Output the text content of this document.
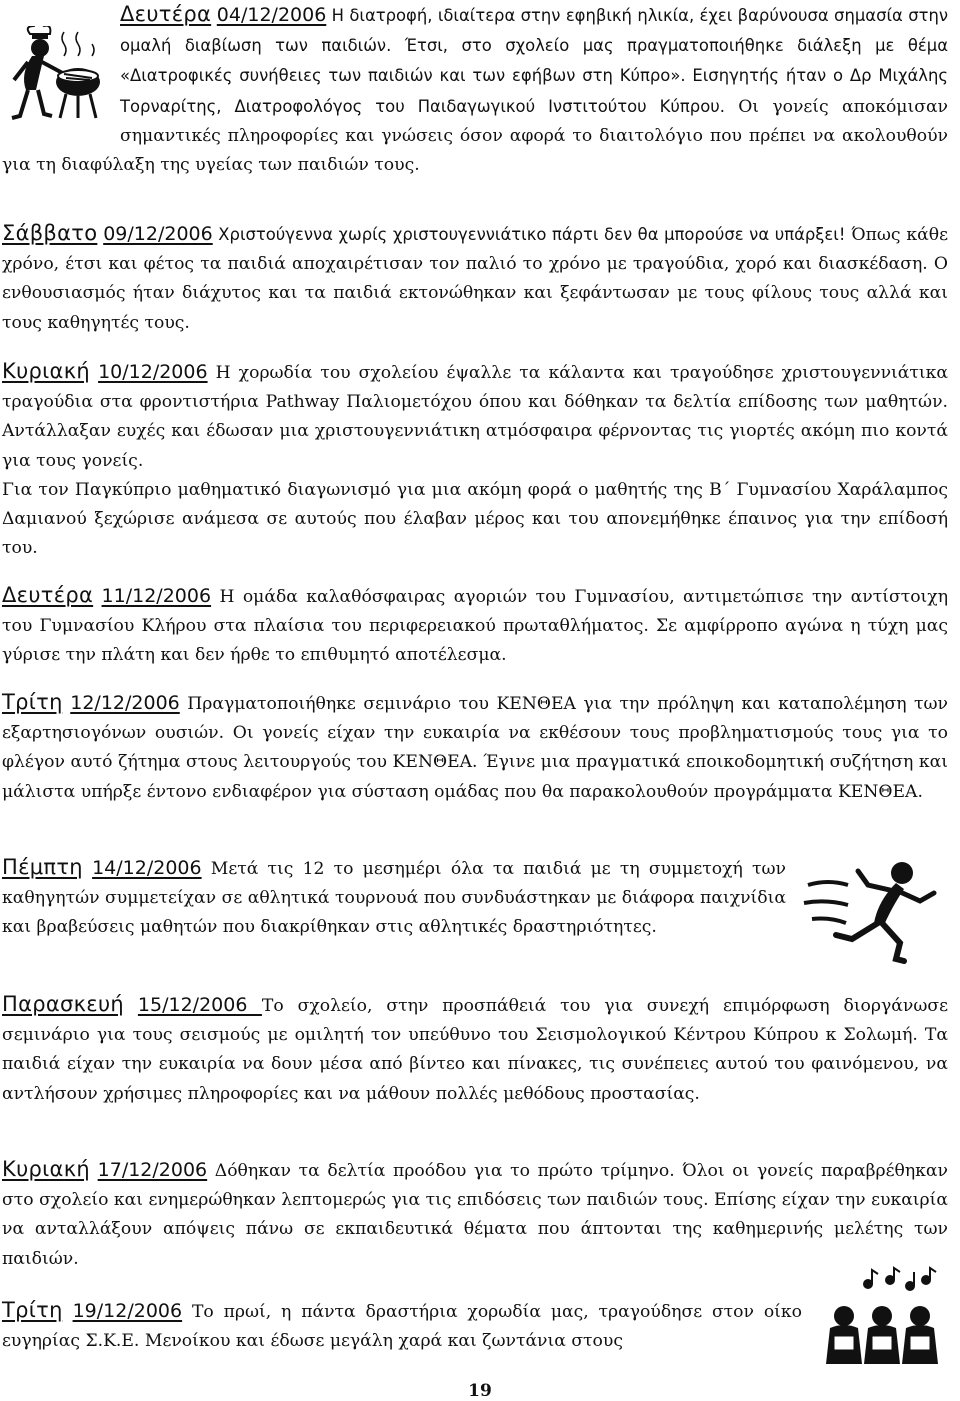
Δευτέρα 04/12/2006 Η διατροφή, ιδιαίτερα στην εφηβική ηλικία, έχει βαρύνουσα σημασία στην ομαλή διαβίωση των παιδιών. Έτσι, στο σχολείο μας πραγματοποιήθηκε διάλεξη με θέμα «Διατροφικές συνήθειες των παιδιών και των εφήβων στη Κύπρο». Εισηγητής ήταν ο Δρ Μιχάλης Τορναρίτης, Διατροφολόγος του Παιδαγωγικού Ινστιτούτου Κύπρου. Οι γονείς αποκόμισαν σημαντικές πληροφορίες και γνώσεις όσον αφορά το διαιτολόγιο που πρέπει να ακολουθούν για τη διαφύλαξη της υγείας των παιδιών τους.

Σάββατο 09/12/2006 Χριστούγεννα χωρίς χριστουγεννιάτικο πάρτι δεν θα μπορούσε να υπάρξει! Όπως κάθε χρόνο, έτσι και φέτος τα παιδιά αποχαιρέτισαν τον παλιό το χρόνο με τραγούδια, χορό και διασκέδαση. Ο ενθουσιασμός ήταν διάχυτος και τα παιδιά εκτονώθηκαν και ξεφάντωσαν με τους φίλους τους αλλά και τους καθηγητές τους.

Κυριακή 10/12/2006 Η χορωδία του σχολείου έψαλλε τα κάλαντα και τραγούδησε χριστουγεννιάτικα τραγούδια στα φροντιστήρια Pathway Παλιομετόχου όπου και δόθηκαν τα δελτία επίδοσης των μαθητών. Αντάλλαξαν ευχές και έδωσαν μια χριστουγεννιάτικη ατμόσφαιρα φέρνοντας τις γιορτές ακόμη πιο κοντά για τους γονείς.

Για τον Παγκύπριο μαθηματικό διαγωνισμό για μια ακόμη φορά ο μαθητής της Β΄ Γυμνασίου Χαράλαμπος Δαμιανού ξεχώρισε ανάμεσα σε αυτούς που έλαβαν μέρος και του απονεμήθηκε έπαινος για την επίδοσή του.

Δευτέρα 11/12/2006 Η ομάδα καλαθόσφαιρας αγοριών του Γυμνασίου, αντιμετώπισε την αντίστοιχη του Γυμνασίου Κλήρου στα πλαίσια του περιφερειακού πρωταθλήματος. Σε αμφίρροπο αγώνα η τύχη μας γύρισε την πλάτη και δεν ήρθε το επιθυμητό αποτέλεσμα.

Τρίτη 12/12/2006 Πραγματοποιήθηκε σεμινάριο του ΚΕΝΘΕΑ για την πρόληψη και καταπολέμηση των εξαρτησιογόνων ουσιών. Οι γονείς είχαν την ευκαιρία να εκθέσουν τους προβληματισμούς τους για το φλέγον αυτό ζήτημα στους λειτουργούς του ΚΕΝΘΕΑ. Έγινε μια πραγματικά εποικοδομητική συζήτηση και μάλιστα υπήρξε έντονο ενδιαφέρον για σύσταση ομάδας που θα παρακολουθούν προγράμματα ΚΕΝΘΕΑ.

Πέμπτη 14/12/2006 Μετά τις 12 το μεσημέρι όλα τα παιδιά με τη συμμετοχή των καθηγητών συμμετείχαν σε αθλητικά τουρνουά που συνδυάστηκαν με διάφορα παιχνίδια και βραβεύσεις μαθητών που διακρίθηκαν στις αθλητικές δραστηριότητες.

Παρασκευή 15/12/2006 Το σχολείο, στην προσπάθειά του για συνεχή επιμόρφωση διοργάνωσε σεμινάριο για τους σεισμούς με ομιλητή τον υπεύθυνο του Σεισμολογικού Κέντρου Κύπρου κ Σολωμή. Τα παιδιά είχαν την ευκαιρία να δουν μέσα από βίντεο και πίνακες, τις συνέπειες αυτού του φαινόμενου, να αντλήσουν χρήσιμες πληροφορίες και να μάθουν πολλές μεθόδους προστασίας.

Κυριακή 17/12/2006 Δόθηκαν τα δελτία προόδου για το πρώτο τρίμηνο. Όλοι οι γονείς παραβρέθηκαν στο σχολείο και ενημερώθηκαν λεπτομερώς για τις επιδόσεις των παιδιών τους. Επίσης είχαν την ευκαιρία να ανταλλάξουν απόψεις πάνω σε εκπαιδευτικά θέματα που άπτονται της καθημερινής μελέτης των παιδιών.

Τρίτη 19/12/2006 Το πρωί, η πάντα δραστήρια χορωδία μας, τραγούδησε στον οίκο ευγηρίας Σ.Κ.Ε. Μενοίκου και έδωσε μεγάλη χαρά και ζωντάνια στους

19
